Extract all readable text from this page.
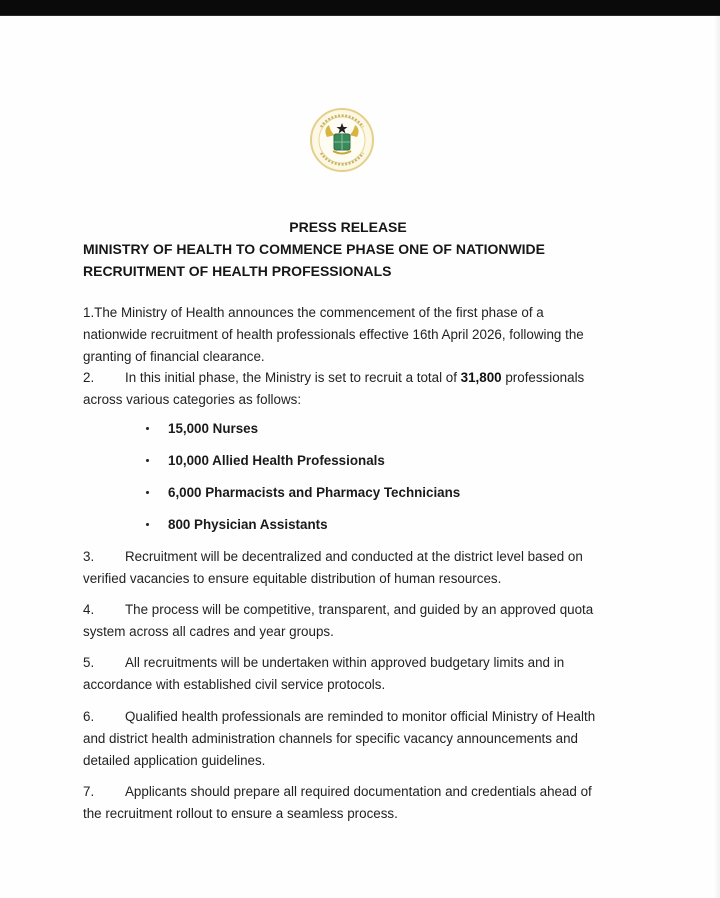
PRESS RELEASE
MINISTRY OF HEALTH TO COMMENCE PHASE ONE OF NATIONWIDE
RECRUITMENT OF HEALTH PROFESSIONALS
1.The Ministry of Health announces the commencement of the first phase of a
nationwide recruitment of health professionals effective 16th April 2026, following the
granting of financial clearance.
2. In this initial phase, the Ministry is set to recruit a total of 31,800 professionals
across various categories as follows:
15,000 Nurses
10,000 Allied Health Professionals
6,000 Pharmacists and Pharmacy Technicians
800 Physician Assistants
3. Recruitment will be decentralized and conducted at the district level based on
verified vacancies to ensure equitable distribution of human resources.
4. The process will be competitive, transparent, and guided by an approved quota
system across all cadres and year groups.
5. All recruitments will be undertaken within approved budgetary limits and in
accordance with established civil service protocols.
6. Qualified health professionals are reminded to monitor official Ministry of Health
and district health administration channels for specific vacancy announcements and
detailed application guidelines.
7. Applicants should prepare all required documentation and credentials ahead of
the recruitment rollout to ensure a seamless process.
